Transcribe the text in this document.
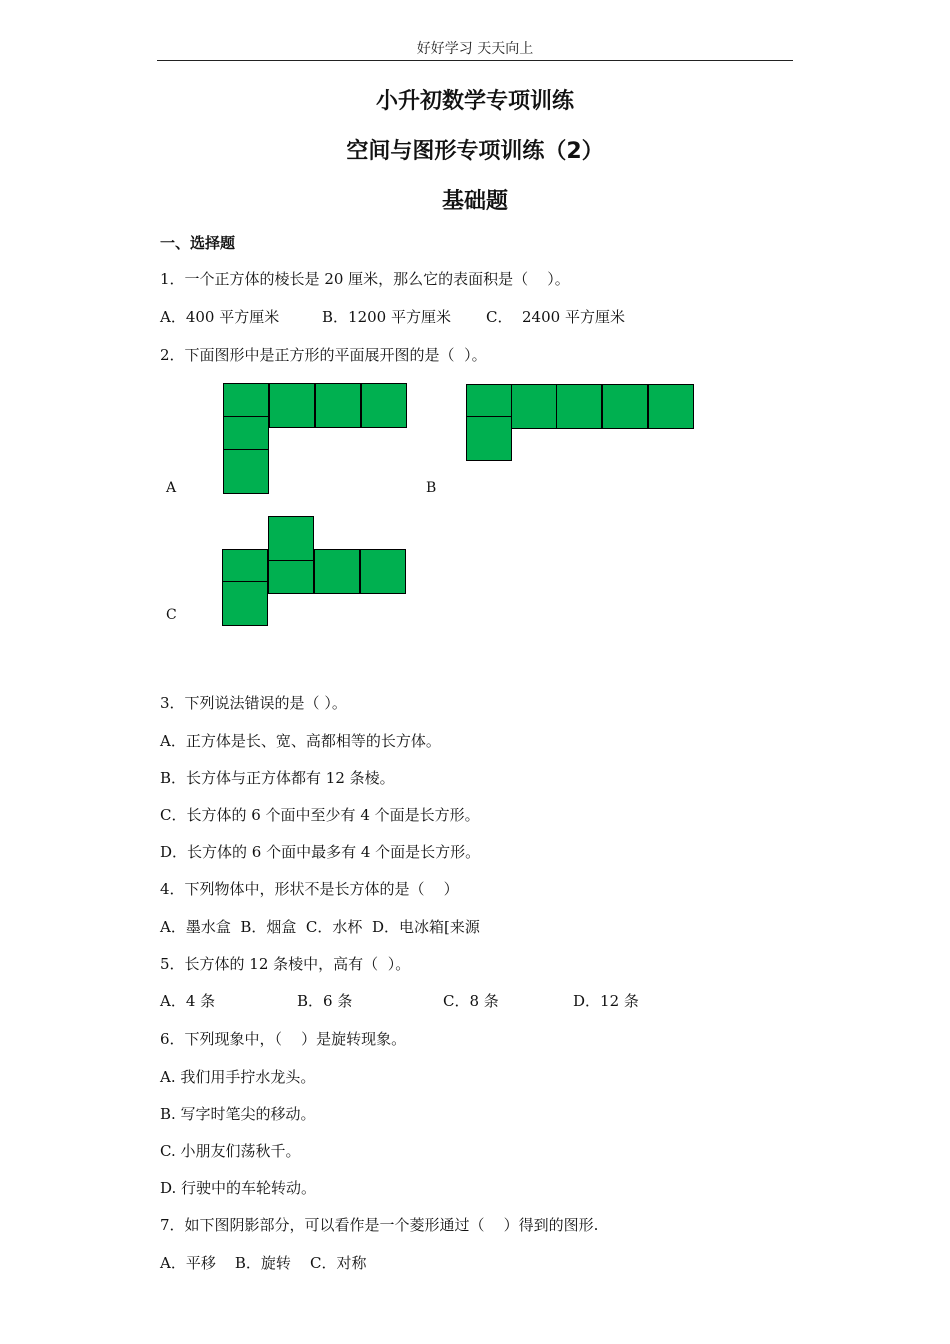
好好学习 天天向上
小升初数学专项训练
空间与图形专项训练（2）
基础题
一、选择题
1．一个正方体的棱长是 20 厘米，那么它的表面积是（    ）。
A．400 平方厘米	B．1200 平方厘米 C．  2400 平方厘米
2．下面图形中是正方形的平面展开图的是（  ）。
A	B
C
3．下列说法错误的是（ ）。
A．正方体是长、宽、高都相等的长方体。
B．长方体与正方体都有 12 条棱。
C．长方体的 6 个面中至少有 4 个面是长方形。
D．长方体的 6 个面中最多有 4 个面是长方形。
4．下列物体中，形状不是长方体的是（    ）
A．墨水盒  B．烟盒  C．水杯  D．电冰箱[来源
5．长方体的 12 条棱中，高有（  ）。
A．4 条	B．6 条	C．8 条	D．12 条
6．下列现象中，（    ）是旋转现象。
A. 我们用手拧水龙头。
B. 写字时笔尖的移动。
C. 小朋友们荡秋千。
D. 行驶中的车轮转动。
7．如下图阴影部分，可以看作是一个菱形通过（    ）得到的图形.
A．平移    B．旋转    C．对称
